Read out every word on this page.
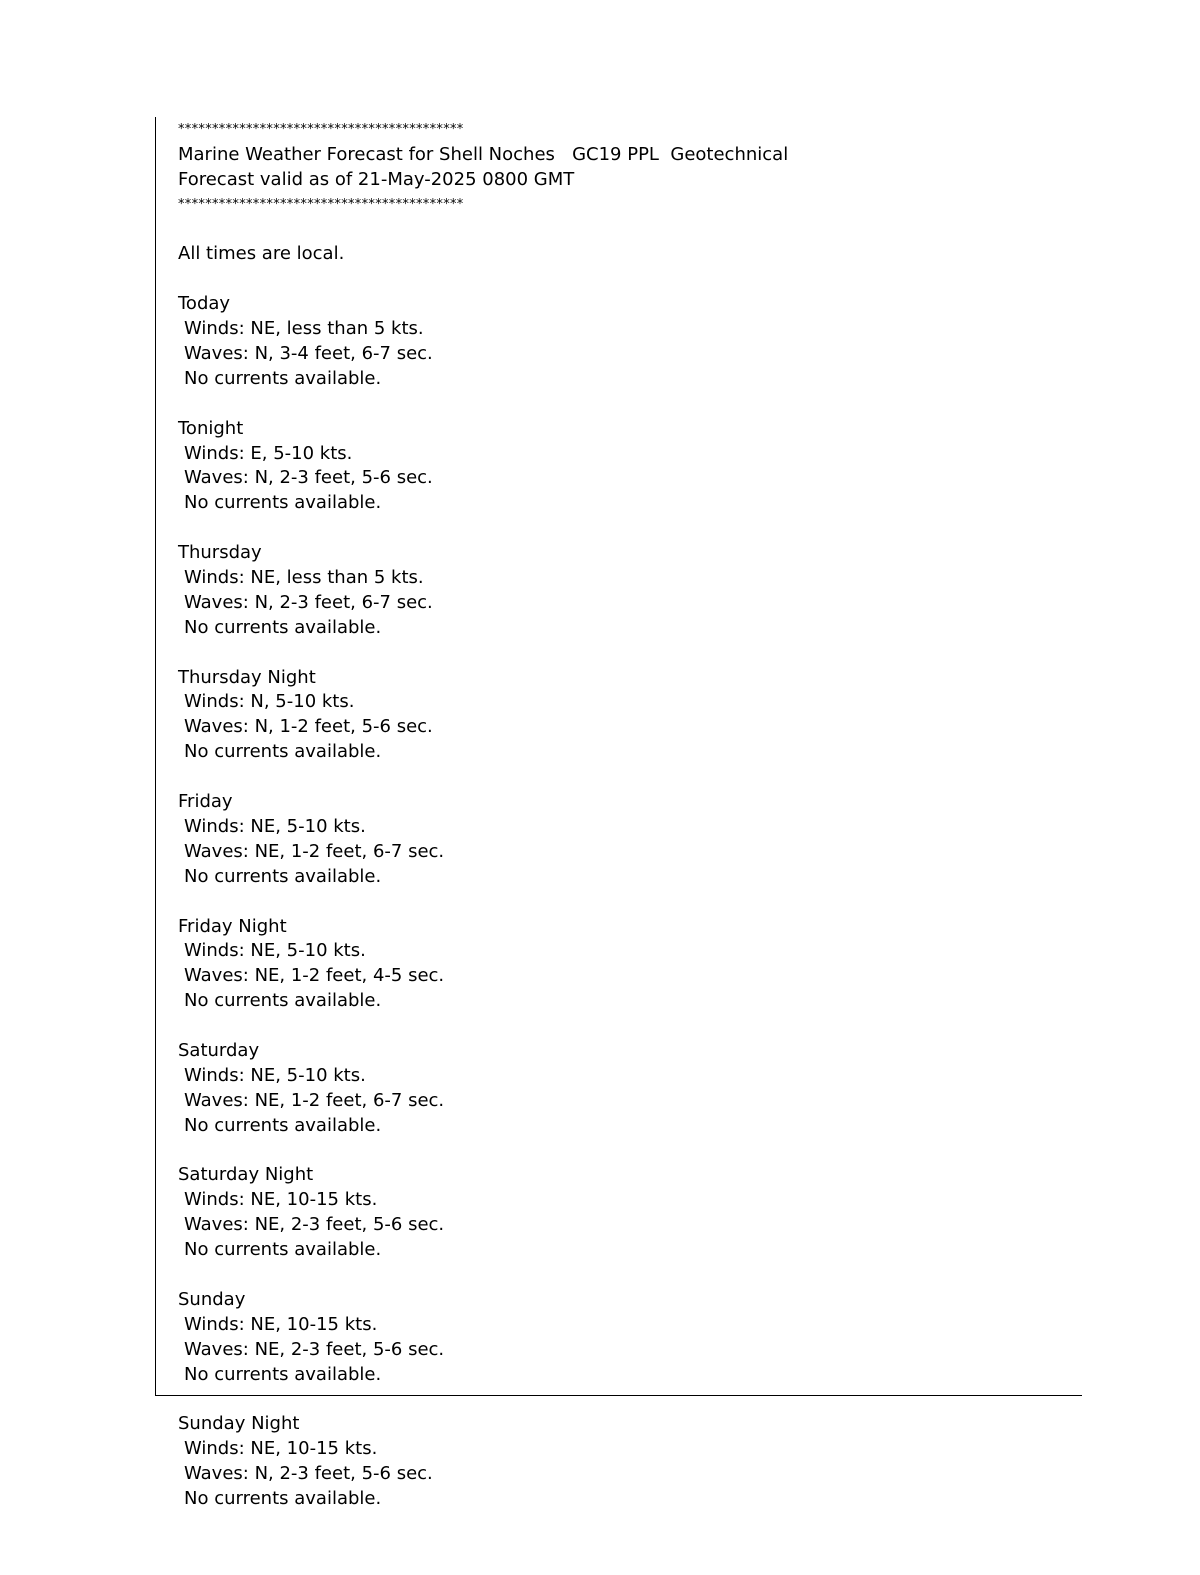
******************************************
Marine Weather Forecast for Shell Noches   GC19 PPL  Geotechnical
Forecast valid as of 21-May-2025 0800 GMT
******************************************
All times are local.
Today
Winds: NE, less than 5 kts.
Waves: N, 3-4 feet, 6-7 sec.
No currents available.
Tonight
Winds: E, 5-10 kts.
Waves: N, 2-3 feet, 5-6 sec.
No currents available.
Thursday
Winds: NE, less than 5 kts.
Waves: N, 2-3 feet, 6-7 sec.
No currents available.
Thursday Night
Winds: N, 5-10 kts.
Waves: N, 1-2 feet, 5-6 sec.
No currents available.
Friday
Winds: NE, 5-10 kts.
Waves: NE, 1-2 feet, 6-7 sec.
No currents available.
Friday Night
Winds: NE, 5-10 kts.
Waves: NE, 1-2 feet, 4-5 sec.
No currents available.
Saturday
Winds: NE, 5-10 kts.
Waves: NE, 1-2 feet, 6-7 sec.
No currents available.
Saturday Night
Winds: NE, 10-15 kts.
Waves: NE, 2-3 feet, 5-6 sec.
No currents available.
Sunday
Winds: NE, 10-15 kts.
Waves: NE, 2-3 feet, 5-6 sec.
No currents available.
Sunday Night
Winds: NE, 10-15 kts.
Waves: N, 2-3 feet, 5-6 sec.
No currents available.
